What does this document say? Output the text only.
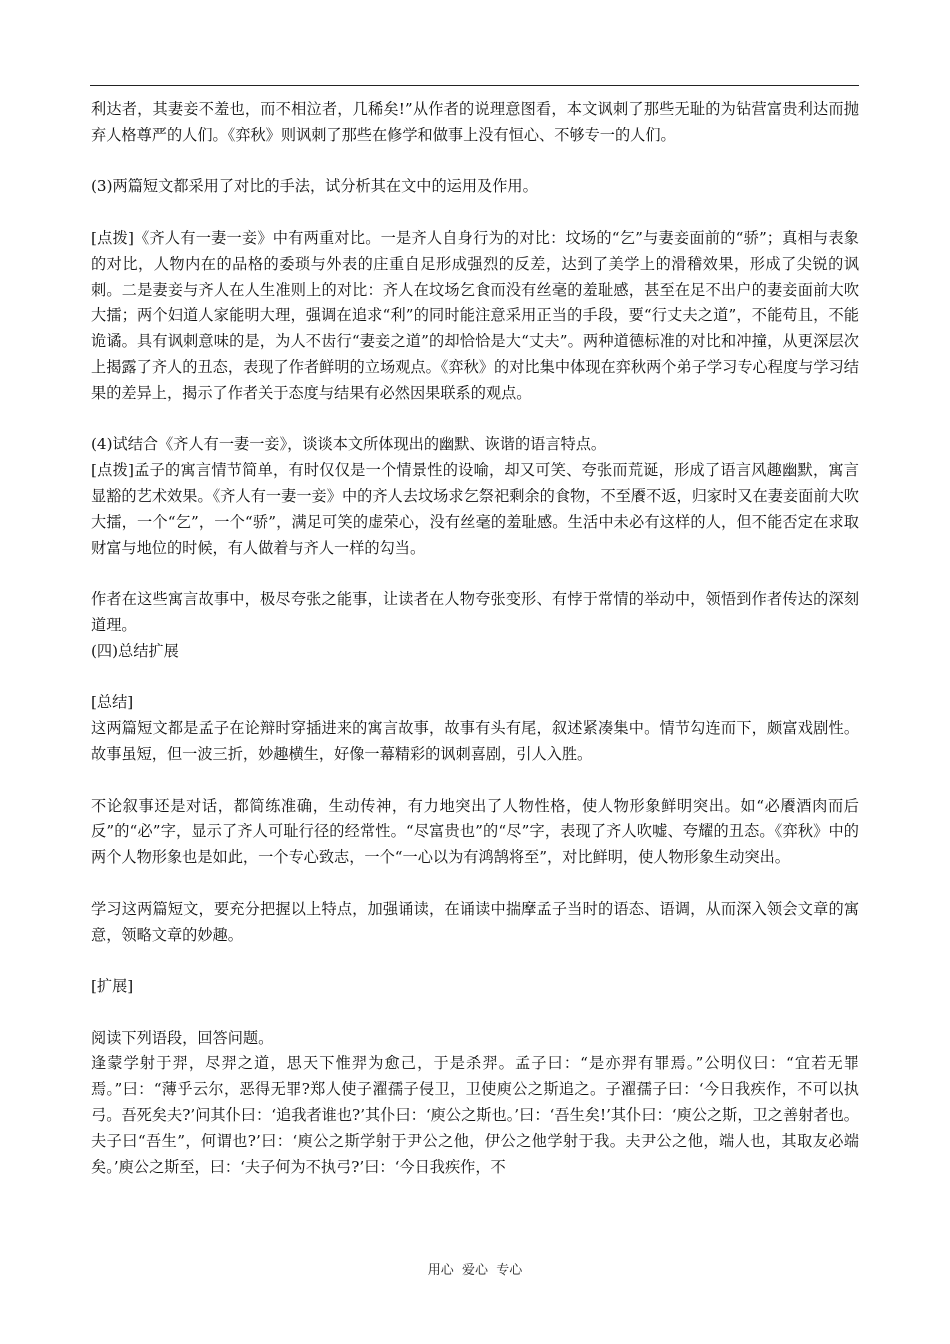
利达者，其妻妾不羞也，而不相泣者，几稀矣!”从作者的说理意图看，本文讽刺了那些无耻的为钻营富贵利达而抛弃人格尊严的人们。《弈秋》则讽刺了那些在修学和做事上没有恒心、不够专一的人们。

(3)两篇短文都采用了对比的手法，试分析其在文中的运用及作用。

[点拨]《齐人有一妻一妾》中有两重对比。一是齐人自身行为的对比：坟场的“乞”与妻妾面前的“骄”；真相与表象的对比，人物内在的品格的委琐与外表的庄重自足形成强烈的反差，达到了美学上的滑稽效果，形成了尖锐的讽刺。二是妻妾与齐人在人生准则上的对比：齐人在坟场乞食而没有丝毫的羞耻感，甚至在足不出户的妻妾面前大吹大擂；两个妇道人家能明大理，强调在追求“利”的同时能注意采用正当的手段，要“行丈夫之道”，不能苟且，不能诡谲。具有讽刺意味的是，为人不齿行“妻妾之道”的却恰恰是大“丈夫”。两种道德标准的对比和冲撞，从更深层次上揭露了齐人的丑态，表现了作者鲜明的立场观点。《弈秋》的对比集中体现在弈秋两个弟子学习专心程度与学习结果的差异上，揭示了作者关于态度与结果有必然因果联系的观点。

(4)试结合《齐人有一妻一妾》，谈谈本文所体现出的幽默、诙谐的语言特点。

[点拨]孟子的寓言情节简单，有时仅仅是一个情景性的设喻，却又可笑、夸张而荒诞，形成了语言风趣幽默，寓言显豁的艺术效果。《齐人有一妻一妾》中的齐人去坟场求乞祭祀剩余的食物，不至餍不返，归家时又在妻妾面前大吹大擂，一个“乞”，一个“骄”，满足可笑的虚荣心，没有丝毫的羞耻感。生活中未必有这样的人，但不能否定在求取财富与地位的时候，有人做着与齐人一样的勾当。

作者在这些寓言故事中，极尽夸张之能事，让读者在人物夸张变形、有悖于常情的举动中，领悟到作者传达的深刻道理。

(四)总结扩展

[总结]

这两篇短文都是孟子在论辩时穿插进来的寓言故事，故事有头有尾，叙述紧凑集中。情节勾连而下，颇富戏剧性。故事虽短，但一波三折，妙趣横生，好像一幕精彩的讽刺喜剧，引人入胜。

不论叙事还是对话，都简练准确，生动传神，有力地突出了人物性格，使人物形象鲜明突出。如“必餍酒肉而后反”的“必”字，显示了齐人可耻行径的经常性。“尽富贵也”的“尽”字，表现了齐人吹嘘、夸耀的丑态。《弈秋》中的两个人物形象也是如此，一个专心致志，一个“一心以为有鸿鹄将至”，对比鲜明，使人物形象生动突出。

学习这两篇短文，要充分把握以上特点，加强诵读，在诵读中揣摩孟子当时的语态、语调，从而深入领会文章的寓意，领略文章的妙趣。

[扩展]

阅读下列语段，回答问题。

逢蒙学射于羿，尽羿之道，思天下惟羿为愈己，于是杀羿。孟子曰：“是亦羿有罪焉。”公明仪曰：“宜若无罪焉。”曰：“薄乎云尔，恶得无罪?郑人使子濯孺子侵卫，卫使庾公之斯追之。子濯孺子曰：‘今日我疾作，不可以执弓。吾死矣夫?’问其仆曰：‘追我者谁也?’其仆曰：‘庾公之斯也。’曰：‘吾生矣!’其仆曰：‘庾公之斯，卫之善射者也。夫子曰“吾生”，何谓也?’曰：‘庾公之斯学射于尹公之他，伊公之他学射于我。夫尹公之他，端人也，其取友必端矣。’庾公之斯至，曰：‘夫子何为不执弓?’曰：‘今日我疾作，不

用心  爱心  专心
